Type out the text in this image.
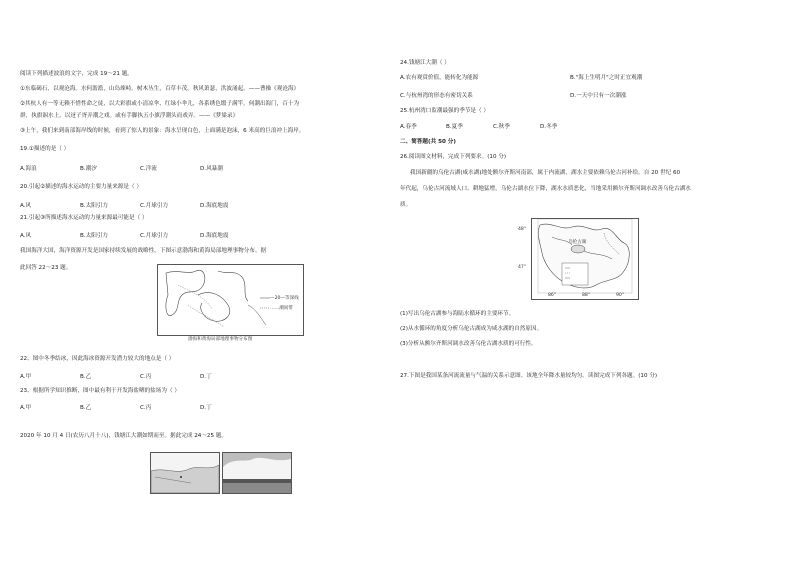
阅读下列描述波浪的文字，完成 19～21 题。
①东临碣石，以观沧海。水何澹澹，山岛竦峙。树木丛生，百草丰茂。秋风萧瑟，洪波涌起。——曹操《观沧海》
②其杭人有一等无赖不惜性命之徒，以大彩旗或小清凉伞、红绿小伞儿，各系绣色缎子满竿，伺潮出海门，百十为
群，执旗泅水上，以迓子胥弄潮之戏。或有手脚执五小旗浮潮头而戏弄。——《梦粱录》
③上午，我们来到南部海岸线的时候，看到了惊人的景象：海水呈现白色，上面满是泡沫，6 米高的巨浪冲上海岸。
19.①描述的是（ ）
A.海浪	B.潮汐	C.洋流	D.风暴潮
20.引起②描述的海水运动的主要力量来源是（ ）
A.风	B.太阳引力	C.月球引力	D.海底地震
21.引起③所描述海水运动的力量来源最可能是（ ）
A.风	B.太阳引力	C.月球引力	D.海底地震
我国海洋大国，海洋资源开发是国家持续发展的战略性。下图示意渤海和黄海局部地理事物分布。据
此回答 22～23 题。
—20—等深线
……潮间带
渤海和黄海局部地理事物分布图
22、图中冬季结冰，因此海冰资源开发潜力较大的地点是（ ）
A.甲	B.乙	C.丙	D.丁
23、根据所学知识推断，图中最有利于开发海盐晒的盐场为（ ）
A.甲	B.乙	C.丙	D.丁
2020 年 10 月 4 日(农历八月十八)，钱塘江大潮如期而至。据此完成 24～25 题。
24.钱塘江大潮（ ）
A.农有观赏价值，能转化为能源	B."海上生明月"之时正宜观潮
C.与杭州湾的形态有密切关系	D.一天中只有一次潮涨
25.杭州湾口监潮最强的季节是（ ）
A.春季	B.夏季	C.秋季	D.冬季
二、简答题(共 50 分)
26.阅读图文材料，完成下列要求。(10 分)
我国新疆的乌伦古湖(咸水湖)地处额尔齐斯河南部，属于内流湖，湖水主要依赖乌伦古河补给。自 20 世纪 60
年代起，乌伦古河流域人口、耕地猛增，乌伦古湖水位下降，湖水水质恶化，当地采用额尔齐斯河调水改善乌伦古湖水
质。
48°
47°
86°	88°	90°
乌伦古湖
(1)写出乌伦古湖参与海陆水循环的主要环节。
(2)从水循环的角度分析乌伦古湖成为咸水湖的自然原因。
(3)分析从额尔齐斯河调水改善乌伦古湖水质的可行性。
27.下图是我国某条河流流量与气温的关系示意图。该地全年降水量较均匀。读图完成下列各题。(10 分)
